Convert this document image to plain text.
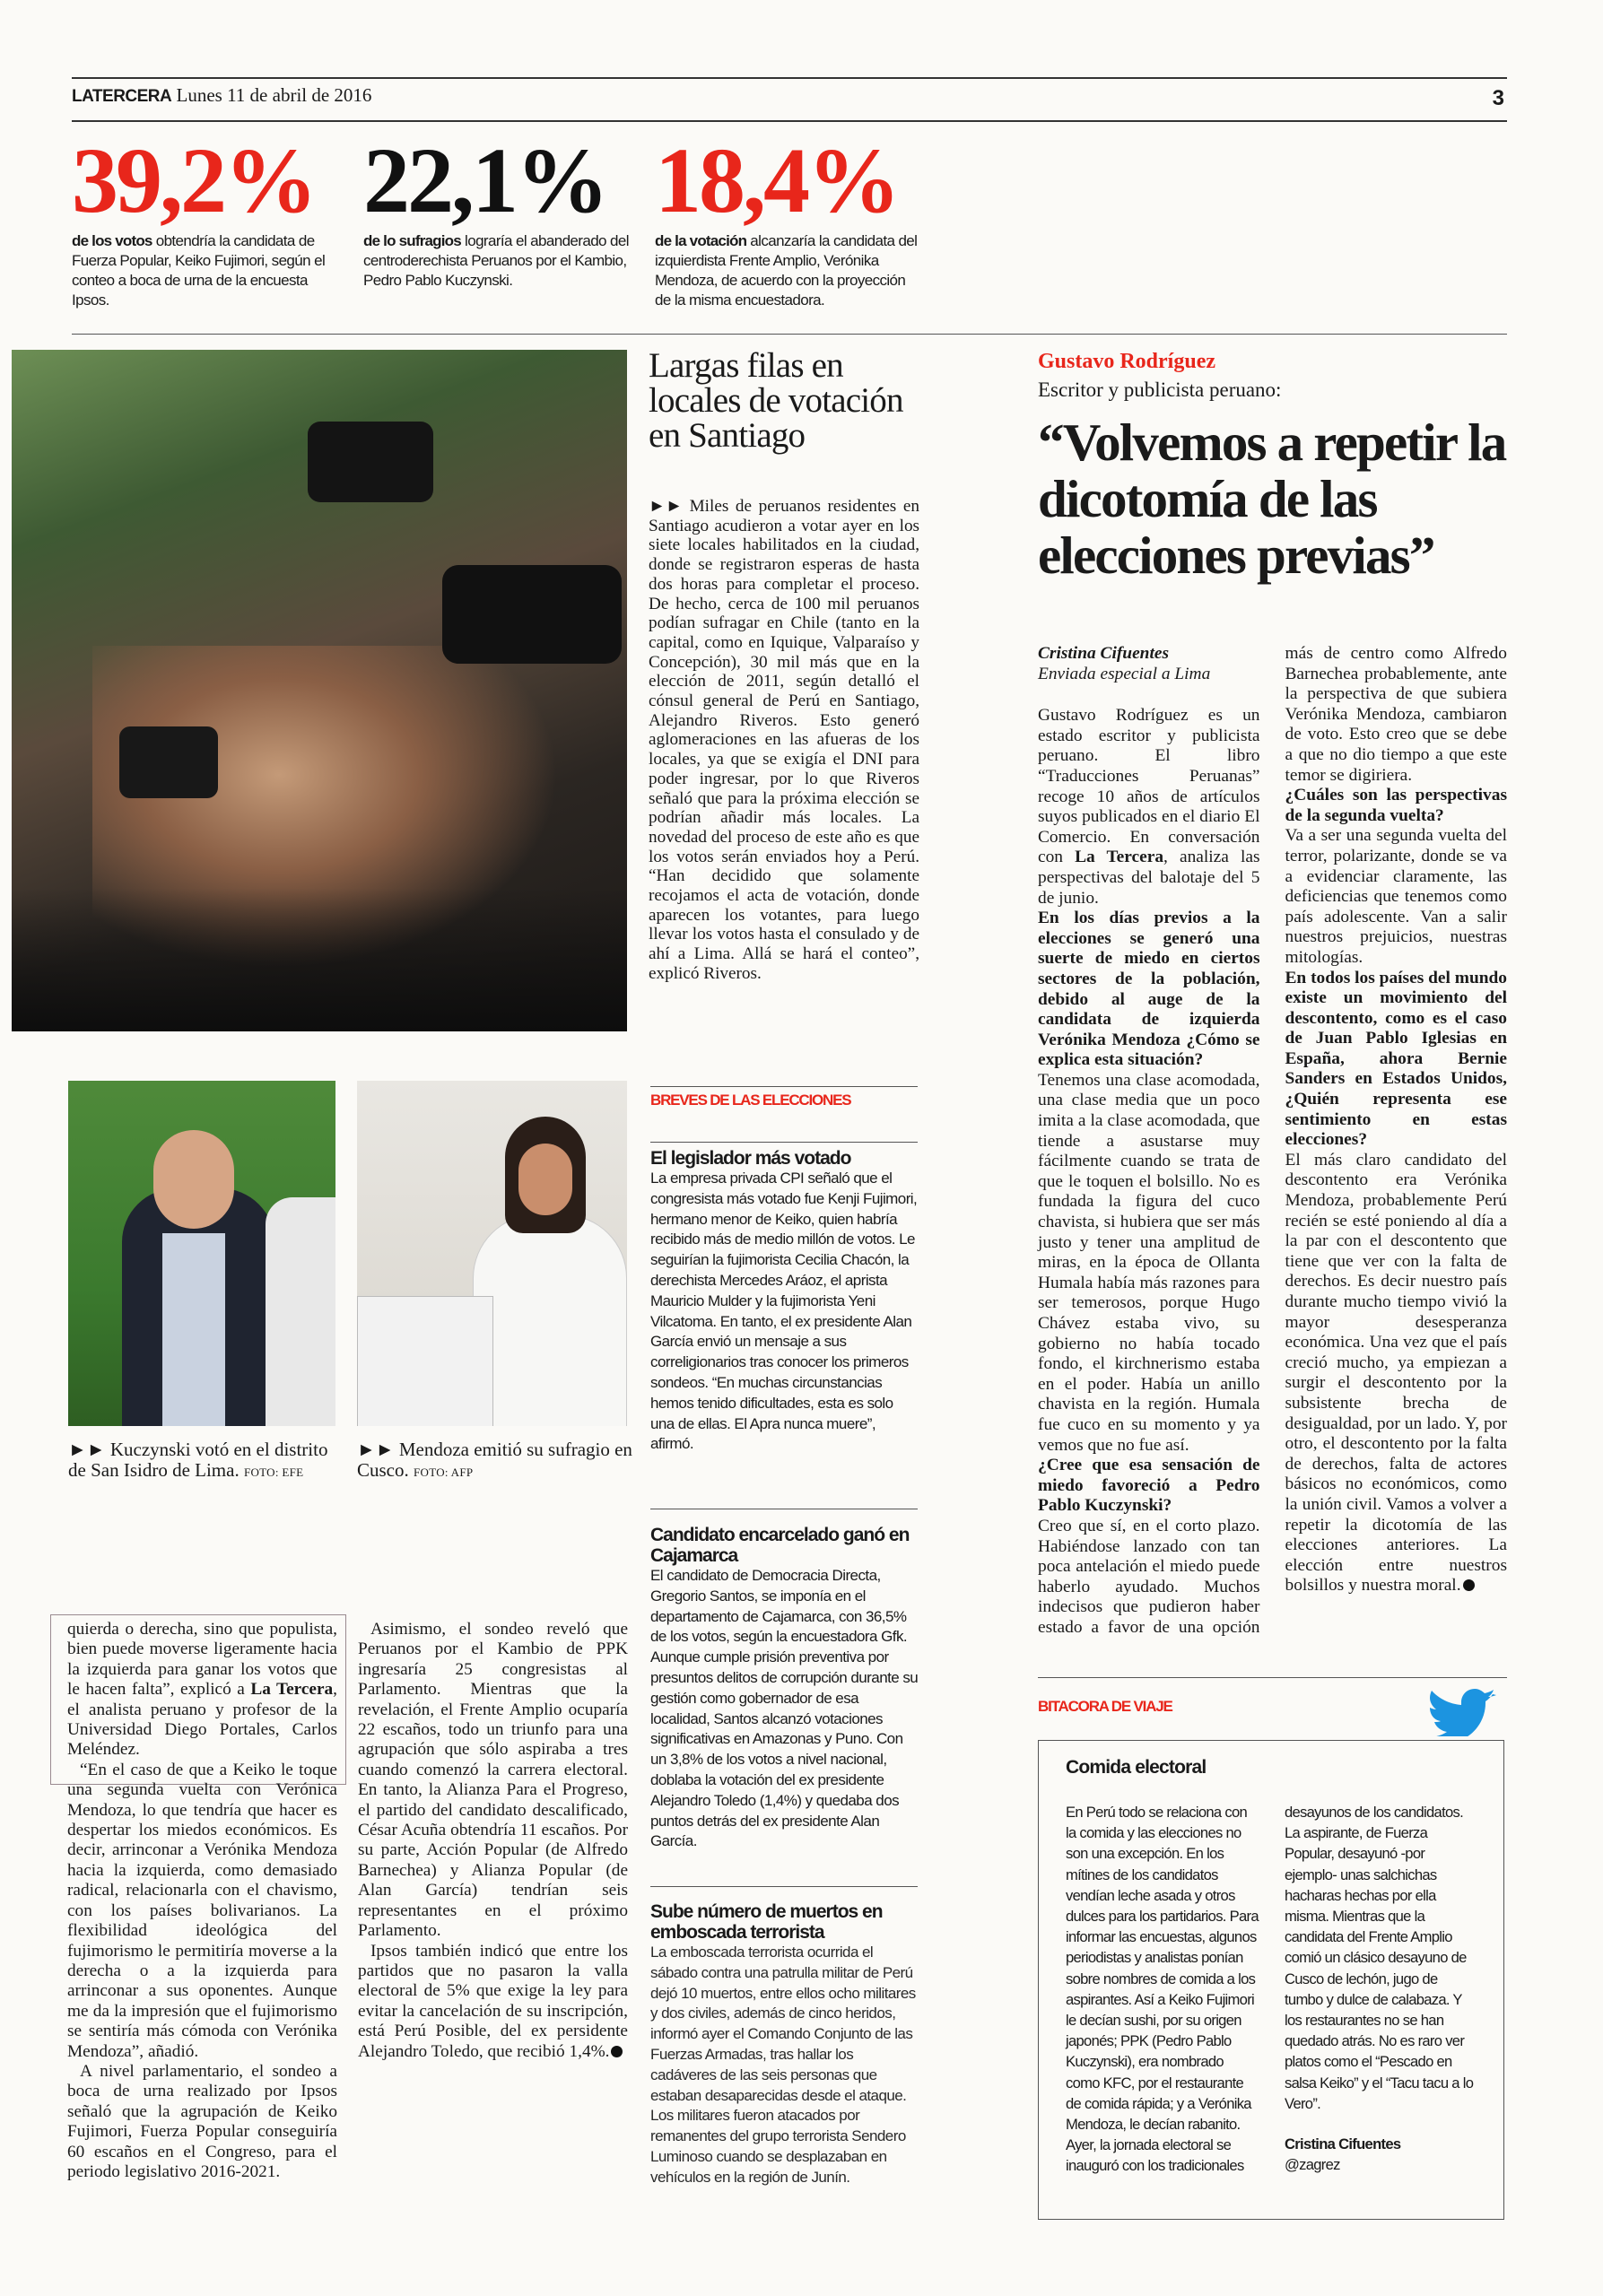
LATERCERA Lunes 11 de abril de 2016	3
39,2%
de los votos obtendría la candidata de Fuerza Popular, Keiko Fujimori, según el conteo a boca de urna de la encuesta Ipsos.
22,1%
de lo sufragios lograría el abanderado del centroderechista Peruanos por el Kambio, Pedro Pablo Kuczynski.
18,4%
de la votación alcanzaría la candidata del izquierdista Frente Amplio, Verónika Mendoza, de acuerdo con la proyección de la misma encuestadora.
Largas filas en locales de votación en Santiago
►► Miles de peruanos residentes en Santiago acudieron a votar ayer en los siete locales habilitados en la ciudad, donde se registraron esperas de hasta dos horas para completar el proceso. De hecho, cerca de 100 mil peruanos podían sufragar en Chile (tanto en la capital, como en Iquique, Valparaíso y Concepción), 30 mil más que en la elección de 2011, según detalló el cónsul general de Perú en Santiago, Alejandro Riveros. Esto generó aglomeraciones en las afueras de los locales, ya que se exigía el DNI para poder ingresar, por lo que Riveros señaló que para la próxima elección se podrían añadir más locales. La novedad del proceso de este año es que los votos serán enviados hoy a Perú. “Han decidido que solamente recojamos el acta de votación, donde aparecen los votantes, para luego llevar los votos hasta el consulado y de ahí a Lima. Allá se hará el conteo”, explicó Riveros.
Gustavo Rodríguez
Escritor y publicista peruano:
“Volvemos a repetir la dicotomía de las elecciones previas”
Cristina Cifuentes
Enviada especial a Lima

Gustavo Rodríguez es un estado escritor y publicista peruano. El libro “Traducciones Peruanas” recoge 10 años de artículos suyos publicados en el diario El Comercio. En conversación con La Tercera, analiza las perspectivas del balotaje del 5 de junio.

En los días previos a la elecciones se generó una suerte de miedo en ciertos sectores de la población, debido al auge de la candidata de izquierda Verónika Mendoza ¿Cómo se explica esta situación?

Tenemos una clase acomodada, una clase media que un poco imita a la clase acomodada, que tiende a asustarse muy fácilmente cuando se trata de que le toquen el bolsillo. No es fundada la figura del cuco chavista, si hubiera que ser más justo y tener una amplitud de miras, en la época de Ollanta Humala había más razones para ser temerosos, porque Hugo Chávez estaba vivo, su gobierno no había tocado fondo, el kirchnerismo estaba en el poder. Había un anillo chavista en la región. Humala fue cuco en su momento y ya vemos que no fue así.

¿Cree que esa sensación de miedo favoreció a Pedro Pablo Kuczynski?

Creo que sí, en el corto plazo. Habiéndose lanzado con tan poca antelación el miedo puede haberlo ayudado. Muchos indecisos que pudieron haber estado a favor de una opción más de centro como Alfredo Barnechea probablemente, ante la perspectiva de que subiera Verónika Mendoza, cambiaron de voto. Esto creo que se debe a que no dio tiempo a que este temor se digiriera.

¿Cuáles son las perspectivas de la segunda vuelta?

Va a ser una segunda vuelta del terror, polarizante, donde se va a evidenciar claramente, las deficiencias que tenemos como país adolescente. Van a salir nuestros prejuicios, nuestras mitologías.

En todos los países del mundo existe un movimiento del descontento, como es el caso de Juan Pablo Iglesias en España, ahora Bernie Sanders en Estados Unidos, ¿Quién representa ese sentimiento en estas elecciones?

El más claro candidato del descontento era Verónika Mendoza, probablemente Perú recién se esté poniendo al día a la par con el descontento que tiene que ver con la falta de derechos. Es decir nuestro país durante mucho tiempo vivió la mayor desesperanza económica. Una vez que el país creció mucho, ya empiezan a surgir el descontento por la subsistente brecha de desigualdad, por un lado. Y, por otro, el descontento por la falta de derechos, falta de actores básicos no económicos, como la unión civil. Vamos a volver a repetir la dicotomía de las elecciones anteriores. La elección entre nuestros bolsillos y nuestra moral.

►► Kuczynski votó en el distrito de San Isidro de Lima. FOTO: EFE
►► Mendoza emitió su sufragio en Cusco. FOTO: AFP
BREVES DE LAS ELECCIONES
El legislador más votado

La empresa privada CPI señaló que el congresista más votado fue Kenji Fujimori, hermano menor de Keiko, quien habría recibido más de medio millón de votos. Le seguirían la fujimorista Cecilia Chacón, la derechista Mercedes Aráoz, el aprista Mauricio Mulder y la fujimorista Yeni Vilcatoma. En tanto, el ex presidente Alan García envió un mensaje a sus correligionarios tras conocer los primeros sondeos. “En muchas circunstancias hemos tenido dificultades, esta es solo una de ellas. El Apra nunca muere”, afirmó.

Candidato encarcelado ganó en Cajamarca

El candidato de Democracia Directa, Gregorio Santos, se imponía en el departamento de Cajamarca, con 36,5% de los votos, según la encuestadora Gfk. Aunque cumple prisión preventiva por presuntos delitos de corrupción durante su gestión como gobernador de esa localidad, Santos alcanzó votaciones significativas en Amazonas y Puno. Con un 3,8% de los votos a nivel nacional, doblaba la votación del ex presidente Alejandro Toledo (1,4%) y quedaba dos puntos detrás del ex presidente Alan García.

Sube número de muertos en emboscada terrorista

La emboscada terrorista ocurrida el sábado contra una patrulla militar de Perú dejó 10 muertos, entre ellos ocho militares y dos civiles, además de cinco heridos, informó ayer el Comando Conjunto de las Fuerzas Armadas, tras hallar los cadáveres de las seis personas que estaban desaparecidas desde el ataque. Los militares fueron atacados por remanentes del grupo terrorista Sendero Luminoso cuando se desplazaban en vehículos en la región de Junín.

quierda o derecha, sino que populista, bien puede moverse ligeramente hacia la izquierda para ganar los votos que le hacen falta”, explicó a La Tercera, el analista peruano y profesor de la Universidad Diego Portales, Carlos Meléndez.

“En el caso de que a Keiko le toque una segunda vuelta con Verónica Mendoza, lo que tendría que hacer es despertar los miedos económicos. Es decir, arrinconar a Verónika Mendoza hacia la izquierda, como demasiado radical, relacionarla con el chavismo, con los países bolivarianos. La flexibilidad ideológica del fujimorismo le permitiría moverse a la derecha o a la izquierda para arrinconar a sus oponentes. Aunque me da la impresión que el fujimorismo se sentiría más cómoda con Verónika Mendoza”, añadió.

A nivel parlamentario, el sondeo a boca de urna realizado por Ipsos señaló que la agrupación de Keiko Fujimori, Fuerza Popular conseguiría 60 escaños en el Congreso, para el periodo legislativo 2016-2021.

Asimismo, el sondeo reveló que Peruanos por el Kambio de PPK ingresaría 25 congresistas al Parlamento. Mientras que la revelación, el Frente Amplio ocuparía 22 escaños, todo un triunfo para una agrupación que sólo aspiraba a tres cuando comenzó la carrera electoral. En tanto, la Alianza Para el Progreso, el partido del candidato descalificado, César Acuña obtendría 11 escaños. Por su parte, Acción Popular (de Alfredo Barnechea) y Alianza Popular (de Alan García) tendrían seis representantes en el próximo Parlamento.

Ipsos también indicó que entre los partidos que no pasaron la valla electoral de 5% que exige la ley para evitar la cancelación de su inscripción, está Perú Posible, del ex persidente Alejandro Toledo, que recibió 1,4%.

BITACORA DE VIAJE
Comida electoral

En Perú todo se relaciona con la comida y las elecciones no son una excepción. En los mítines de los candidatos vendían leche asada y otros dulces para los partidarios. Para informar las encuestas, algunos periodistas y analistas ponían sobre nombres de comida a los aspirantes. Así a Keiko Fujimori le decían sushi, por su origen japonés; PPK (Pedro Pablo Kuczynski), era nombrado como KFC, por el restaurante de comida rápida; y a Verónika Mendoza, le decían rabanito. Ayer, la jornada electoral se inauguró con los tradicionales desayunos de los candidatos. La aspirante, de Fuerza Popular, desayunó -por ejemplo- unas salchichas hacharas hechas por ella misma. Mientras que la candidata del Frente Amplio comió un clásico desayuno de Cusco de lechón, jugo de tumbo y dulce de calabaza. Y los restaurantes no se han quedado atrás. No es raro ver platos como el “Pescado en salsa Keiko” y el “Tacu tacu a lo Vero”.

Cristina Cifuentes

@zagrez
